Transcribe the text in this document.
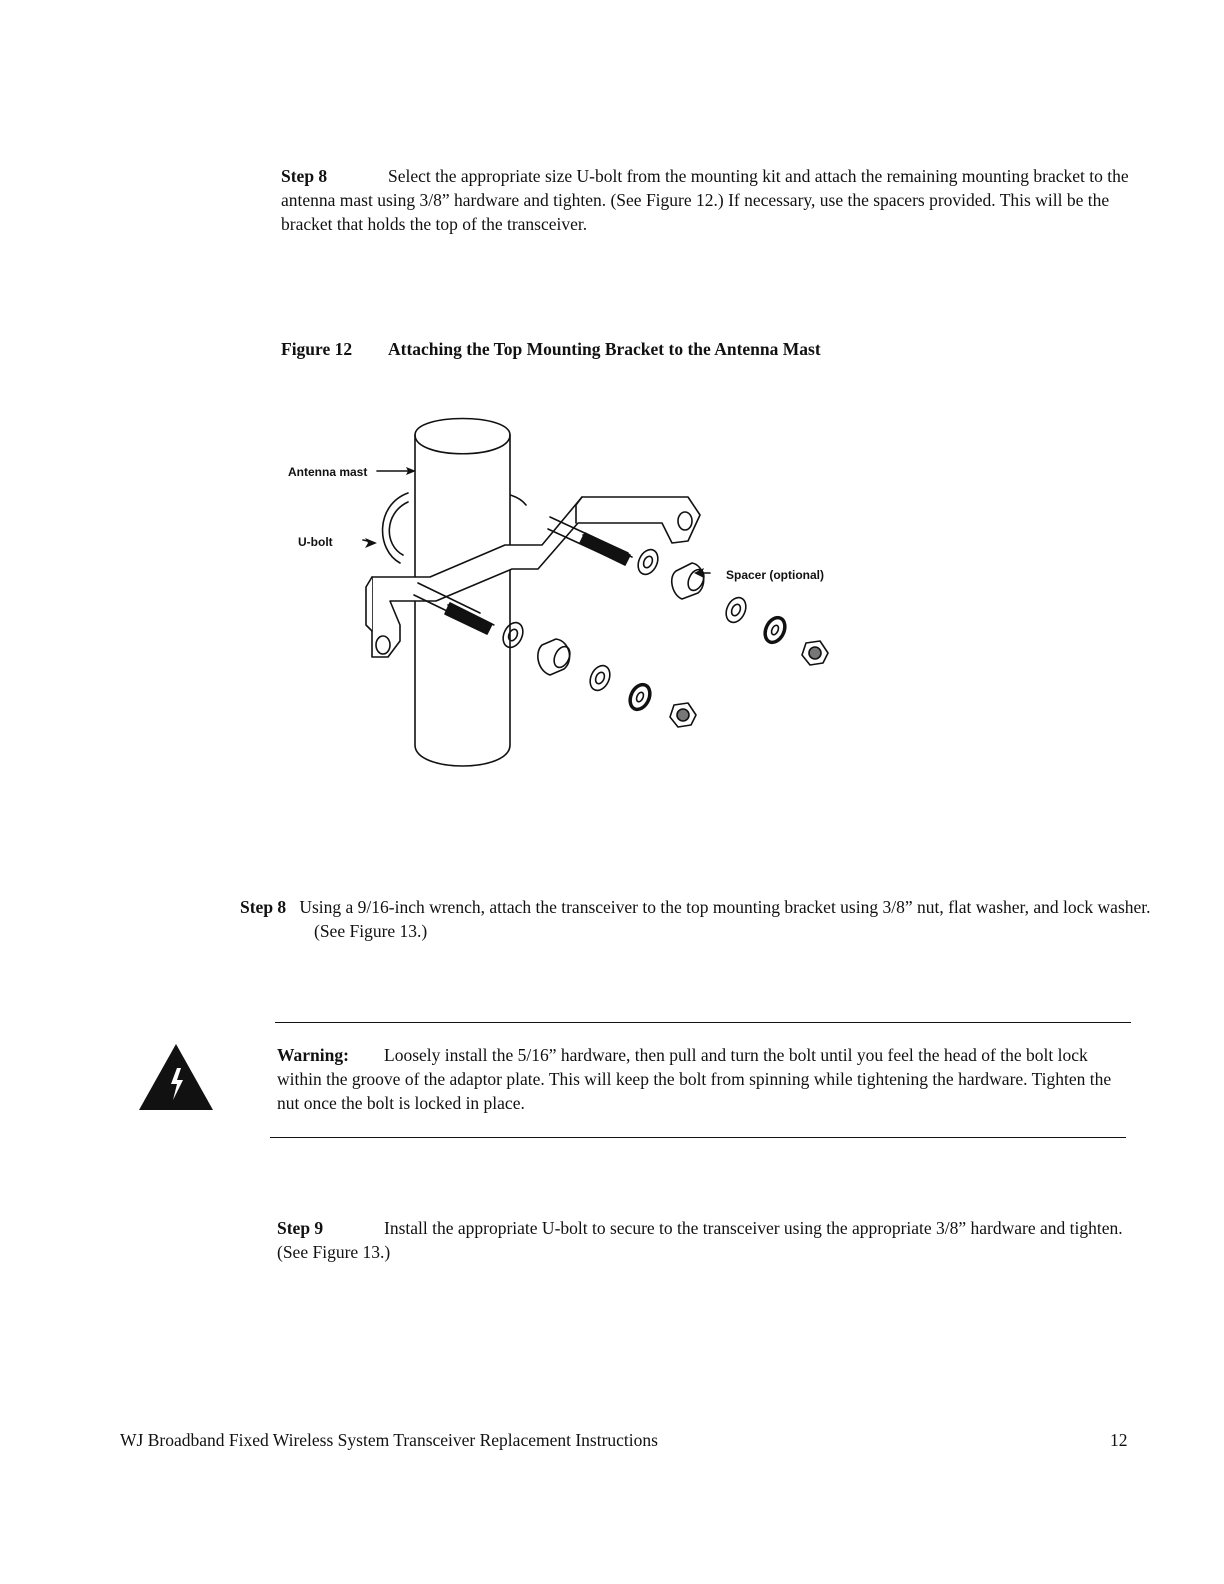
Step 8	Select the appropriate size U-bolt from the mounting kit and attach the remaining mounting bracket to the antenna mast using 3/8” hardware and tighten. (See Figure 12.) If necessary, use the spacers provided. This will be the bracket that holds the top of the transceiver.
Figure 12 Attaching the Top Mounting Bracket to the Antenna Mast
Antenna mast
U-bolt
Spacer (optional)
Step 8 Using a 9/16-inch wrench, attach the transceiver to the top mounting bracket using 3/8” nut, flat washer, and lock washer. (See Figure 13.)
Warning: Loosely install the 5/16” hardware, then pull and turn the bolt until you feel the head of the bolt lock within the groove of the adaptor plate. This will keep the bolt from spinning while tightening the hardware. Tighten the nut once the bolt is locked in place.
Step 9	Install the appropriate U-bolt to secure to the transceiver using the appropriate 3/8” hardware and tighten. (See Figure 13.)
WJ Broadband Fixed Wireless System Transceiver Replacement Instructions	12
